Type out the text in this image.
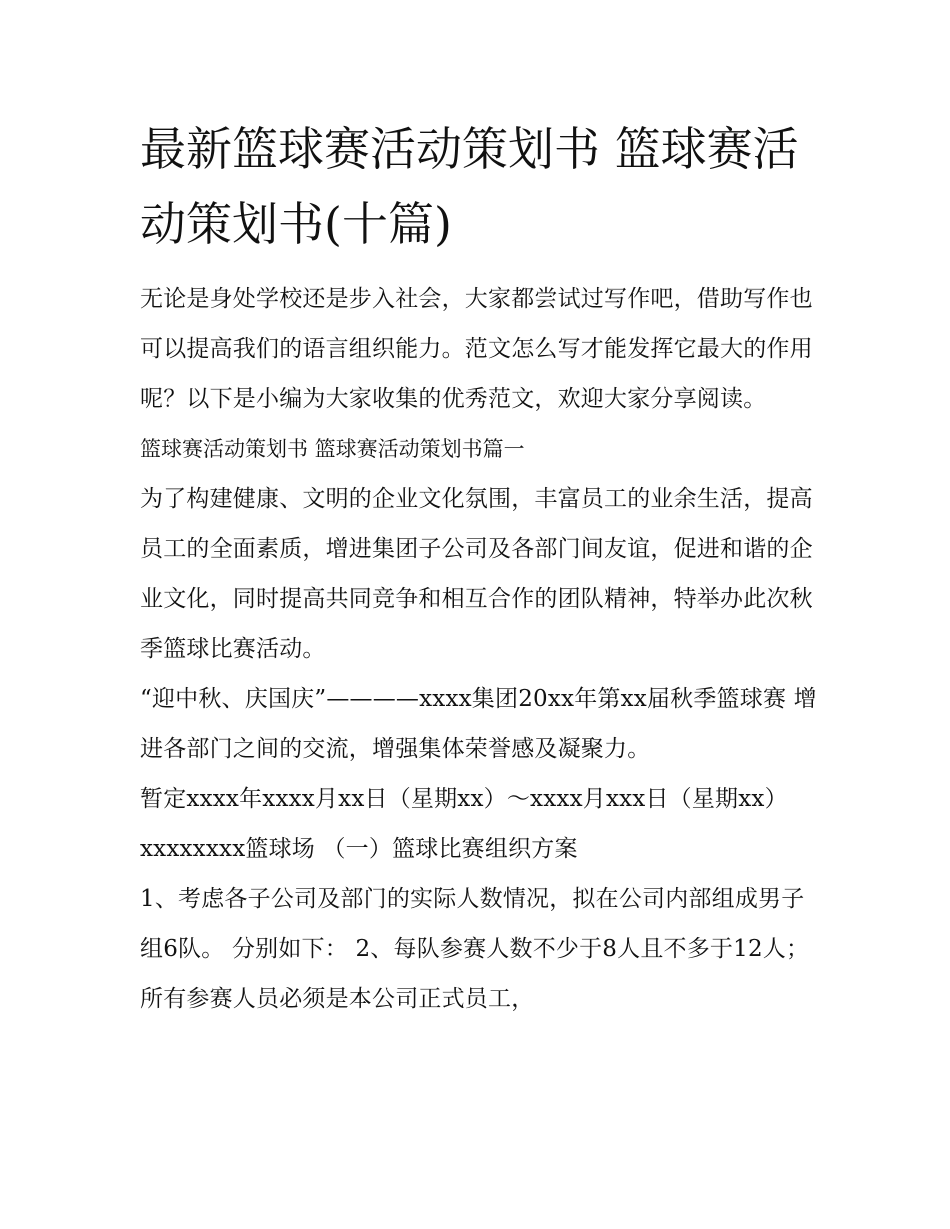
最新篮球赛活动策划书 篮球赛活动策划书(十篇)

无论是身处学校还是步入社会，大家都尝试过写作吧，借助写作也可以提高我们的语言组织能力。范文怎么写才能发挥它最大的作用呢？以下是小编为大家收集的优秀范文，欢迎大家分享阅读。

篮球赛活动策划书 篮球赛活动策划书篇一

为了构建健康、文明的企业文化氛围，丰富员工的业余生活，提高员工的全面素质，增进集团子公司及各部门间友谊，促进和谐的企业文化，同时提高共同竞争和相互合作的团队精神，特举办此次秋季篮球比赛活动。

“迎中秋、庆国庆”————xxxx集团20xx年第xx届秋季篮球赛 增进各部门之间的交流，增强集体荣誉感及凝聚力。

暂定xxxx年xxxx月xx日（星期xx）～xxxx月xxx日（星期xx） xxxxxxxx篮球场 （一）篮球比赛组织方案

1、考虑各子公司及部门的实际人数情况，拟在公司内部组成男子组6队。 分别如下： 2、每队参赛人数不少于8人且不多于12人；所有参赛人员必须是本公司正式员工，
